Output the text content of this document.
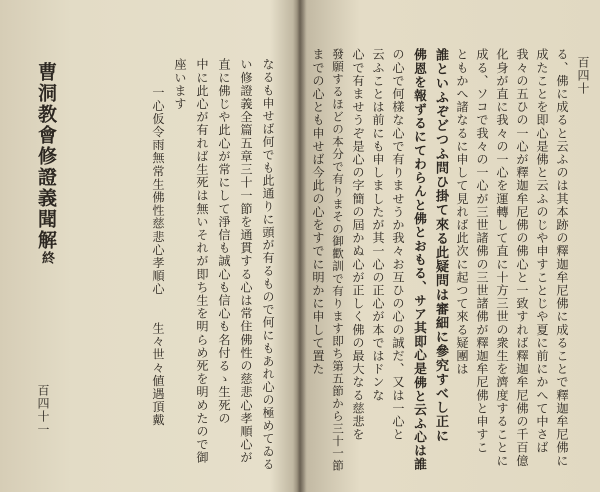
曹洞教會修證義聞解終	なるも申せば何でも此通りに頭が有るもので何にもあれ心の極めてゐる
い修證義全篇五章三十一節を通貫する心は常住佛性の慈悲心孝順心が
直に佛じや此心が常にして淨信も誠心も信心も名付るゝ生死の
中に此心が有れば生死は無いそれが即ち生を明らめ死を明めたので御
座います
一心仮令雨無常生佛性慈悲心孝順心　　生々世々値遇頂戴
百四十一
百四十
る、佛に成ると云ふのは其本跡の釋迦牟尼佛に成ることで釋迦牟尼佛に
成たことを即心是佛と云ふのじや申すことじや夏に前にかへて中さば
我々の五ひの一心が釋迦牟尼佛の佛心と一致すれば釋迦牟尼佛の千百億
化身が直に我々の一心を運轉して直に十方三世の衆生を濟度することに
成る、ソコで我々の一心が三世諸佛の三世諸佛が釋迦牟尼佛と申すこ
ともかへ諸なるに申して見れば此次に起つて來る疑團は
誰といふぞどつふ問ひ掛て來る此疑問は審細に參究すべし正に
佛恩を報ずるにてわらんと佛とおもる、サア其即心是佛と云ふ心は誰
の心で何樣な心で有りませうか我々お互ひの心の誠だ、又は一心と
云ふことは前にも申しましたが其一心の正心が本ではドンな
心で有ませうぞ是心の字簡の屆かぬ心が正しく佛の最大なる慈悲を
發願するほどの本分で有りまその御歡訓で有ります即ち第五節から三十一節
までの心とも申せば今此の心をすでに明かに申して置た
